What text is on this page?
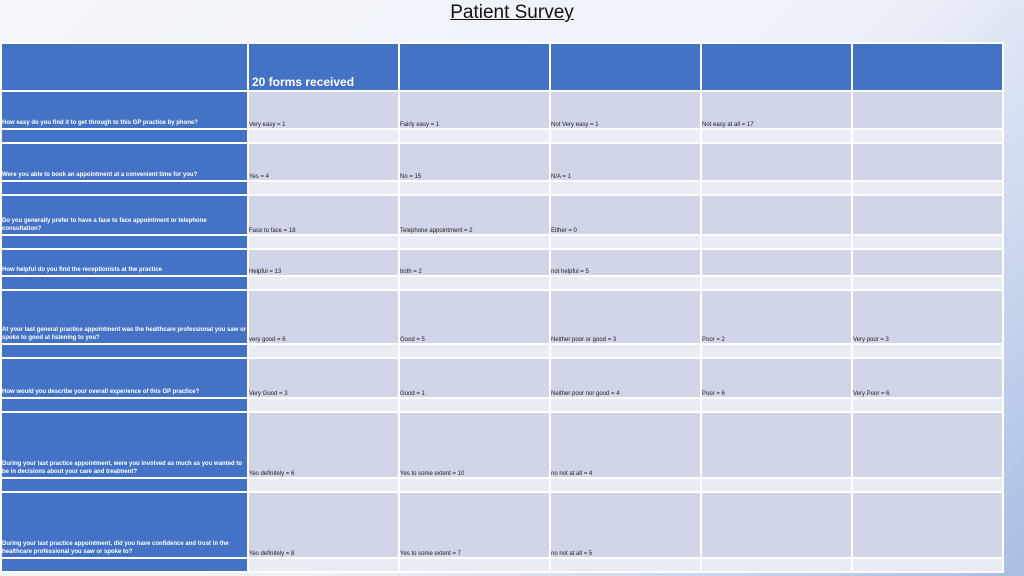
Patient Survey
	20 forms received				
How easy do you find it to get through to this GP practice by phone?	Very easy = 1	Fairly easy = 1	Not Very easy = 1	Not easy at all = 17	

Were you able to book an appointment at a convenient time for you?	Yes = 4	No = 15	N/A = 1		

Do you generally prefer to have a face to face appointment or telephone consultation?	Face to face = 18	Telephone appointment = 2	Either = 0		

How helpful do you find the receptionists at the practice	Helpful = 13	both = 2	not helpful = 5		

At your last general practice appointment was the healthcare professional you saw or spoke to good at listening to you?	very good = 6	Good = 5	Neither poor or good = 3	Poor = 2	Very poor = 3

How would you describe your overall experience of this GP practice?	Very Good = 3	Good = 1	Neither poor nor good = 4	Poor = 6	Very Poor = 6

During your last practice appointment, were you involved as much as you wanted to be in decisions about your care and treatment?	Yes definitely = 6	Yes to some extent = 10	no not at all = 4		

During your last practice appointment, did you have confidence and trust in the healthcare professional you saw or spoke to?	Yes definitely = 8	Yes to some extent = 7	no not at all = 5		
